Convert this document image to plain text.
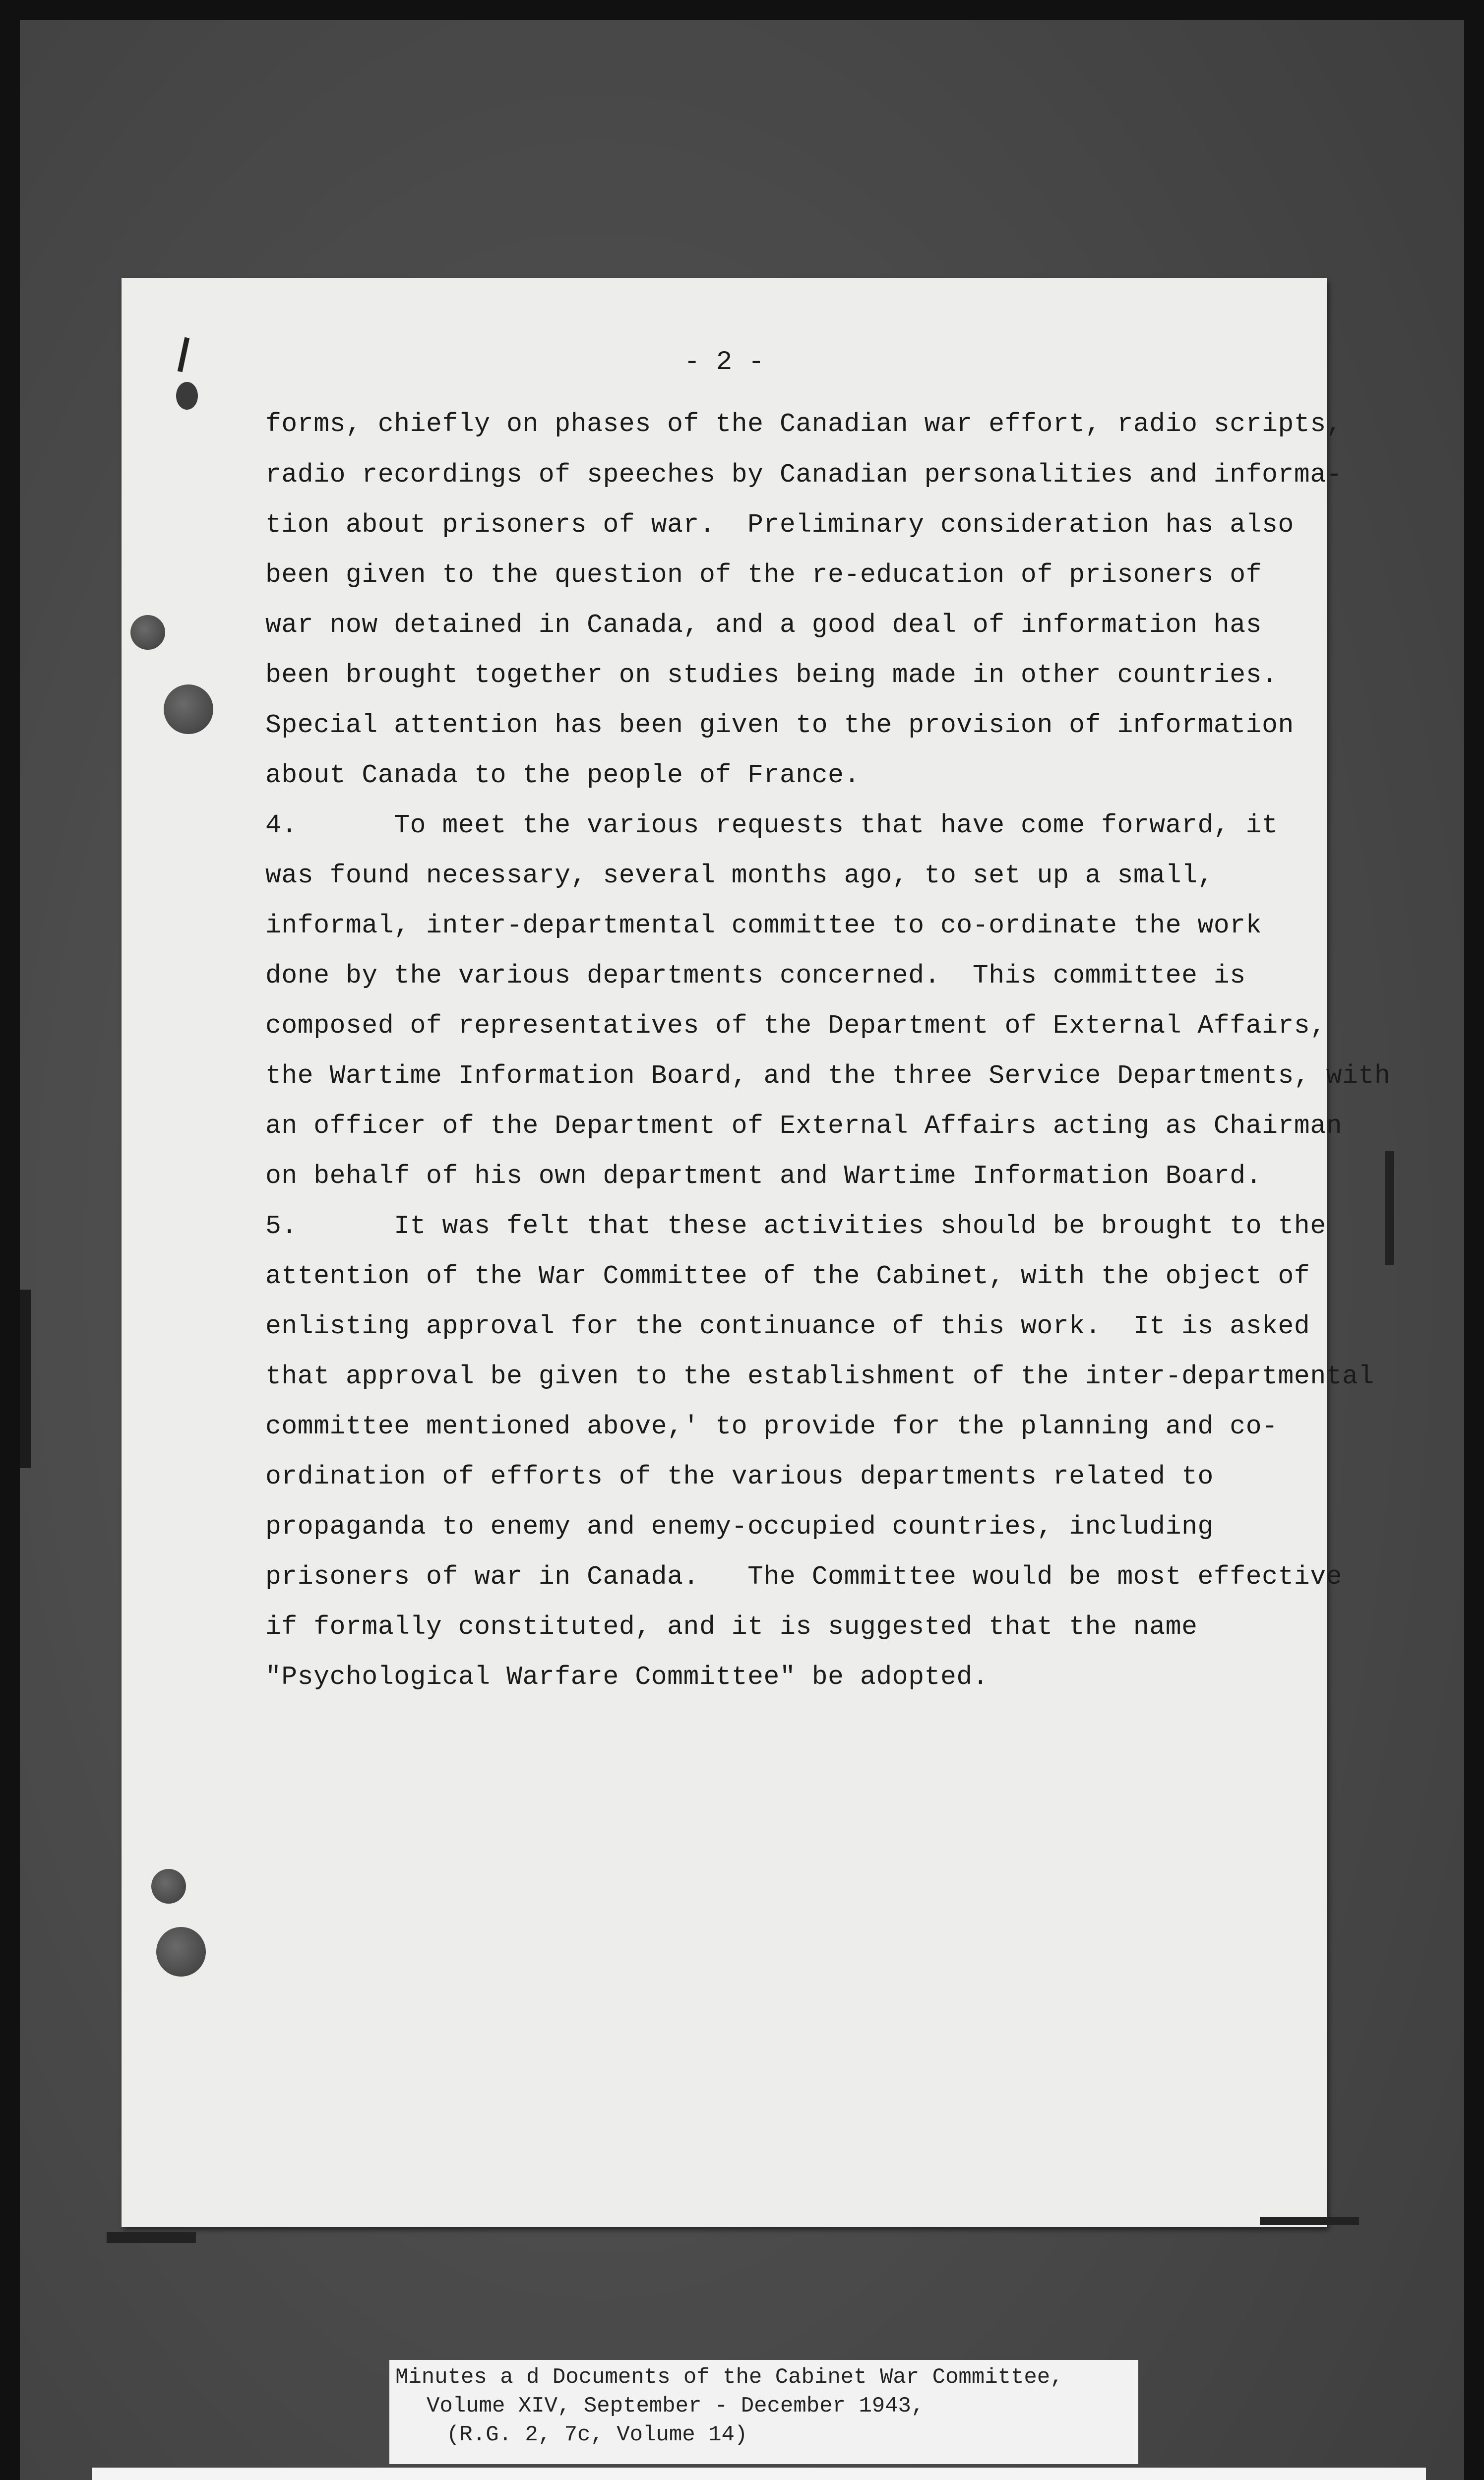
- 2 -
forms, chiefly on phases of the Canadian war effort, radio scripts,
radio recordings of speeches by Canadian personalities and informa-
tion about prisoners of war.  Preliminary consideration has also
been given to the question of the re-education of prisoners of
war now detained in Canada, and a good deal of information has
been brought together on studies being made in other countries.
Special attention has been given to the provision of information
about Canada to the people of France.
4.      To meet the various requests that have come forward, it
was found necessary, several months ago, to set up a small,
informal, inter-departmental committee to co-ordinate the work
done by the various departments concerned.  This committee is
composed of representatives of the Department of External Affairs,
the Wartime Information Board, and the three Service Departments, with
an officer of the Department of External Affairs acting as Chairman
on behalf of his own department and Wartime Information Board.
5.      It was felt that these activities should be brought to the
attention of the War Committee of the Cabinet, with the object of
enlisting approval for the continuance of this work.  It is asked
that approval be given to the establishment of the inter-departmental
committee mentioned above,' to provide for the planning and co-
ordination of efforts of the various departments related to
propaganda to enemy and enemy-occupied countries, including
prisoners of war in Canada.   The Committee would be most effective
if formally constituted, and it is suggested that the name
"Psychological Warfare Committee" be adopted.
Minutes a d Documents of the Cabinet War Committee,
Volume XIV, September - December 1943,
(R.G. 2, 7c, Volume 14)
